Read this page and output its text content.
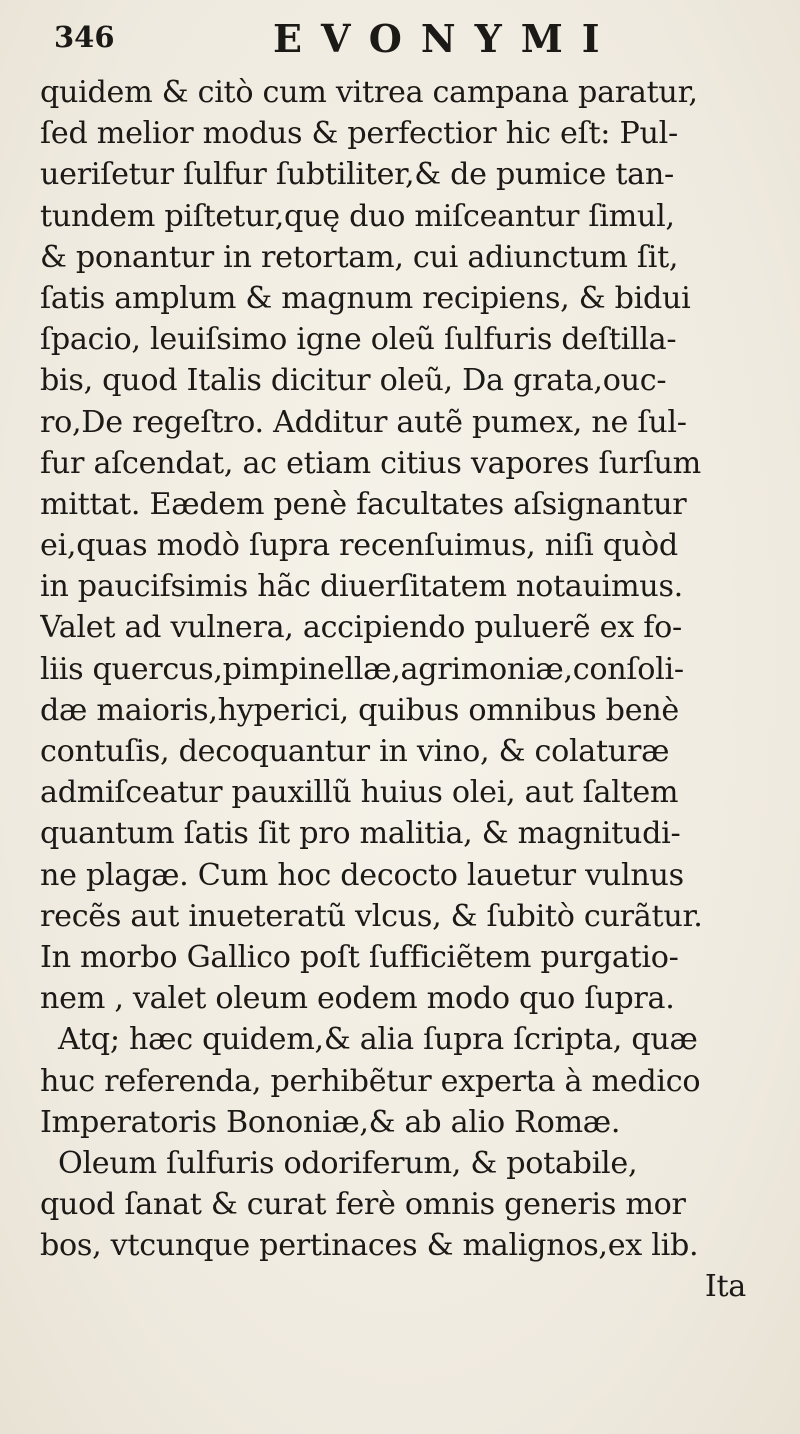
346	EVONYMI
quidem & citò cum vitrea campana paratur,
ſed melior modus & perfectior hic eſt: Pul-
ueriſetur ſulfur ſubtiliter,& de pumice tan-
tundem piſtetur,quę duo miſceantur ſimul,
& ponantur in retortam, cui adiunctum ſit,
ſatis amplum & magnum recipiens, & bidui
ſpacio, leuiſsimo igne oleũ ſulfuris deſtilla-
bis, quod Italis dicitur oleũ, Da grata,ouc-
ro,De regeſtro. Additur autẽ pumex, ne ſul-
fur aſcendat, ac etiam citius vapores ſurſum
mittat. Eædem penè facultates aſsignantur
ei,quas modò ſupra recenſuimus, niſi quòd
in paucifsimis hãc diuerſitatem notauimus.
Valet ad vulnera, accipiendo puluerẽ ex fo-
liis quercus,pimpinellæ,agrimoniæ,conſoli-
dæ maioris,hyperici, quibus omnibus benè
contuſis, decoquantur in vino, & colaturæ
admiſceatur pauxillũ huius olei, aut ſaltem
quantum ſatis ſit pro malitia, & magnitudi-
ne plagæ. Cum hoc decocto lauetur vulnus
recẽs aut inueteratũ vlcus, & ſubitò curãtur.
In morbo Gallico poſt ſufficiẽtem purgatio-
nem , valet oleum eodem modo quo ſupra.
Atq; hæc quidem,& alia ſupra ſcripta, quæ
huc referenda, perhibẽtur experta à medico
Imperatoris Bononiæ,& ab alio Romæ.
Oleum ſulfuris odoriferum, & potabile,
quod ſanat & curat ferè omnis generis mor
bos, vtcunque pertinaces & malignos,ex lib.
Ita
